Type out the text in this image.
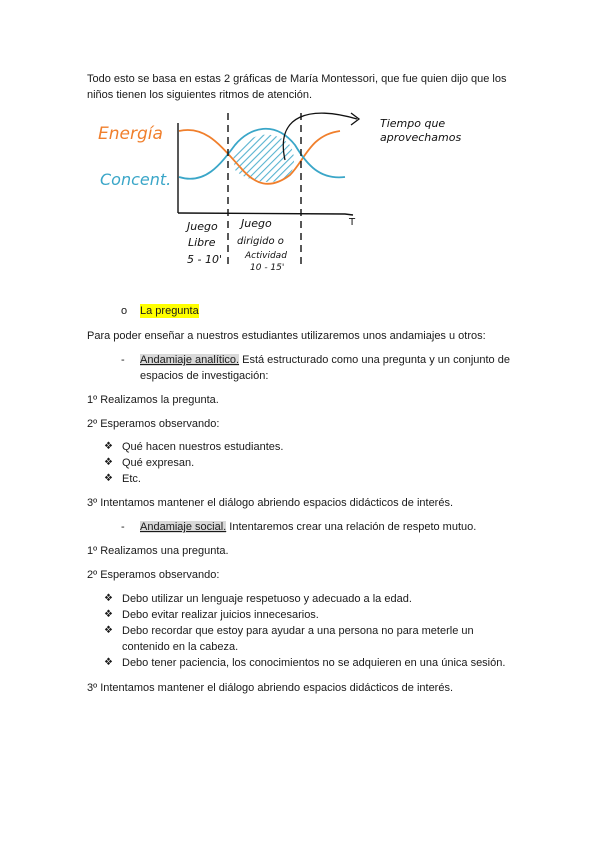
Todo esto se basa en estas 2 gráficas de María Montessori, que fue quien dijo que los
niños tienen los siguientes ritmos de atención.
Energía
Concent.
Tiempo que
aprovechamos
T
Juego
Libre
5 - 10'
Juego
dirigido o
Actividad
10 - 15'
o La pregunta
Para poder enseñar a nuestros estudiantes utilizaremos unos andamiajes u otros:
- Andamiaje analítico. Está estructurado como una pregunta y un conjunto de
espacios de investigación:
1º Realizamos la pregunta.
2º Esperamos observando:
❖ Qué hacen nuestros estudiantes.
❖ Qué expresan.
❖ Etc.
3º Intentamos mantener el diálogo abriendo espacios didácticos de interés.
- Andamiaje social. Intentaremos crear una relación de respeto mutuo.
1º Realizamos una pregunta.
2º Esperamos observando:
❖ Debo utilizar un lenguaje respetuoso y adecuado a la edad.
❖ Debo evitar realizar juicios innecesarios.
❖ Debo recordar que estoy para ayudar a una persona no para meterle un
contenido en la cabeza.
❖ Debo tener paciencia, los conocimientos no se adquieren en una única sesión.
3º Intentamos mantener el diálogo abriendo espacios didácticos de interés.
